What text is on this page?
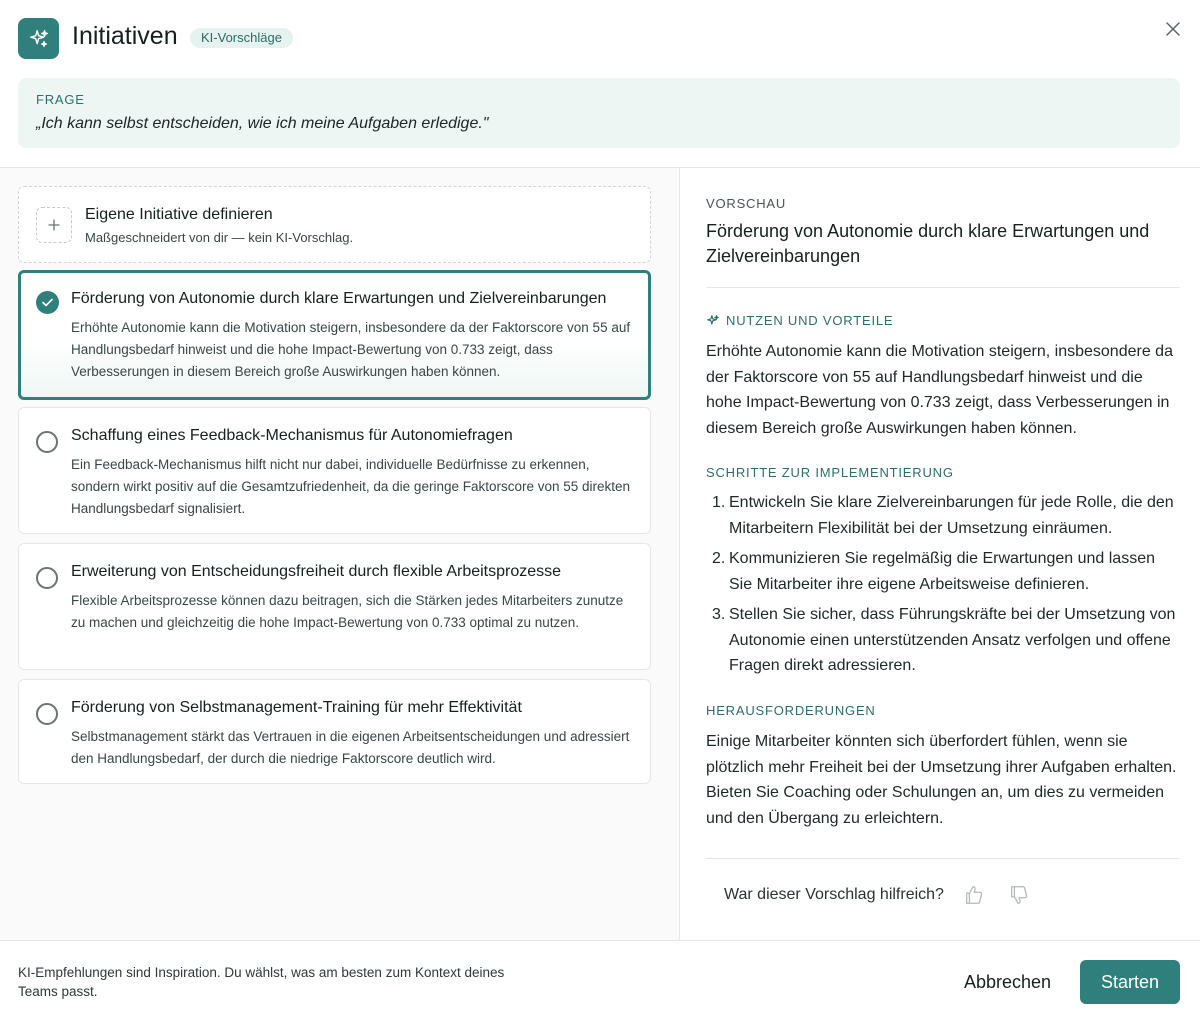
Initiativen	KI-Vorschläge
FRAGE
„Ich kann selbst entscheiden, wie ich meine Aufgaben erledige."
Eigene Initiative definieren
Maßgeschneidert von dir — kein KI-Vorschlag.
Förderung von Autonomie durch klare Erwartungen und Zielvereinbarungen
Erhöhte Autonomie kann die Motivation steigern, insbesondere da der Faktorscore von 55 auf Handlungsbedarf hinweist und die hohe Impact-Bewertung von 0.733 zeigt, dass Verbesserungen in diesem Bereich große Auswirkungen haben können.
Schaffung eines Feedback-Mechanismus für Autonomiefragen
Ein Feedback-Mechanismus hilft nicht nur dabei, individuelle Bedürfnisse zu erkennen, sondern wirkt positiv auf die Gesamtzufriedenheit, da die geringe Faktorscore von 55 direkten Handlungsbedarf signalisiert.
Erweiterung von Entscheidungsfreiheit durch flexible Arbeitsprozesse
Flexible Arbeitsprozesse können dazu beitragen, sich die Stärken jedes Mitarbeiters zunutze zu machen und gleichzeitig die hohe Impact-Bewertung von 0.733 optimal zu nutzen.
Förderung von Selbstmanagement-Training für mehr Effektivität
Selbstmanagement stärkt das Vertrauen in die eigenen Arbeitsentscheidungen und adressiert den Handlungsbedarf, der durch die niedrige Faktorscore deutlich wird.
VORSCHAU
Förderung von Autonomie durch klare Erwartungen und Zielvereinbarungen
NUTZEN UND VORTEILE
Erhöhte Autonomie kann die Motivation steigern, insbesondere da der Faktorscore von 55 auf Handlungsbedarf hinweist und die hohe Impact-Bewertung von 0.733 zeigt, dass Verbesserungen in diesem Bereich große Auswirkungen haben können.
SCHRITTE ZUR IMPLEMENTIERUNG
1. Entwickeln Sie klare Zielvereinbarungen für jede Rolle, die den Mitarbeitern Flexibilität bei der Umsetzung einräumen.
2. Kommunizieren Sie regelmäßig die Erwartungen und lassen Sie Mitarbeiter ihre eigene Arbeitsweise definieren.
3. Stellen Sie sicher, dass Führungskräfte bei der Umsetzung von Autonomie einen unterstützenden Ansatz verfolgen und offene Fragen direkt adressieren.
HERAUSFORDERUNGEN
Einige Mitarbeiter könnten sich überfordert fühlen, wenn sie plötzlich mehr Freiheit bei der Umsetzung ihrer Aufgaben erhalten. Bieten Sie Coaching oder Schulungen an, um dies zu vermeiden und den Übergang zu erleichtern.
War dieser Vorschlag hilfreich?
KI-Empfehlungen sind Inspiration. Du wählst, was am besten zum Kontext deines Teams passt.	Abbrechen	Starten
